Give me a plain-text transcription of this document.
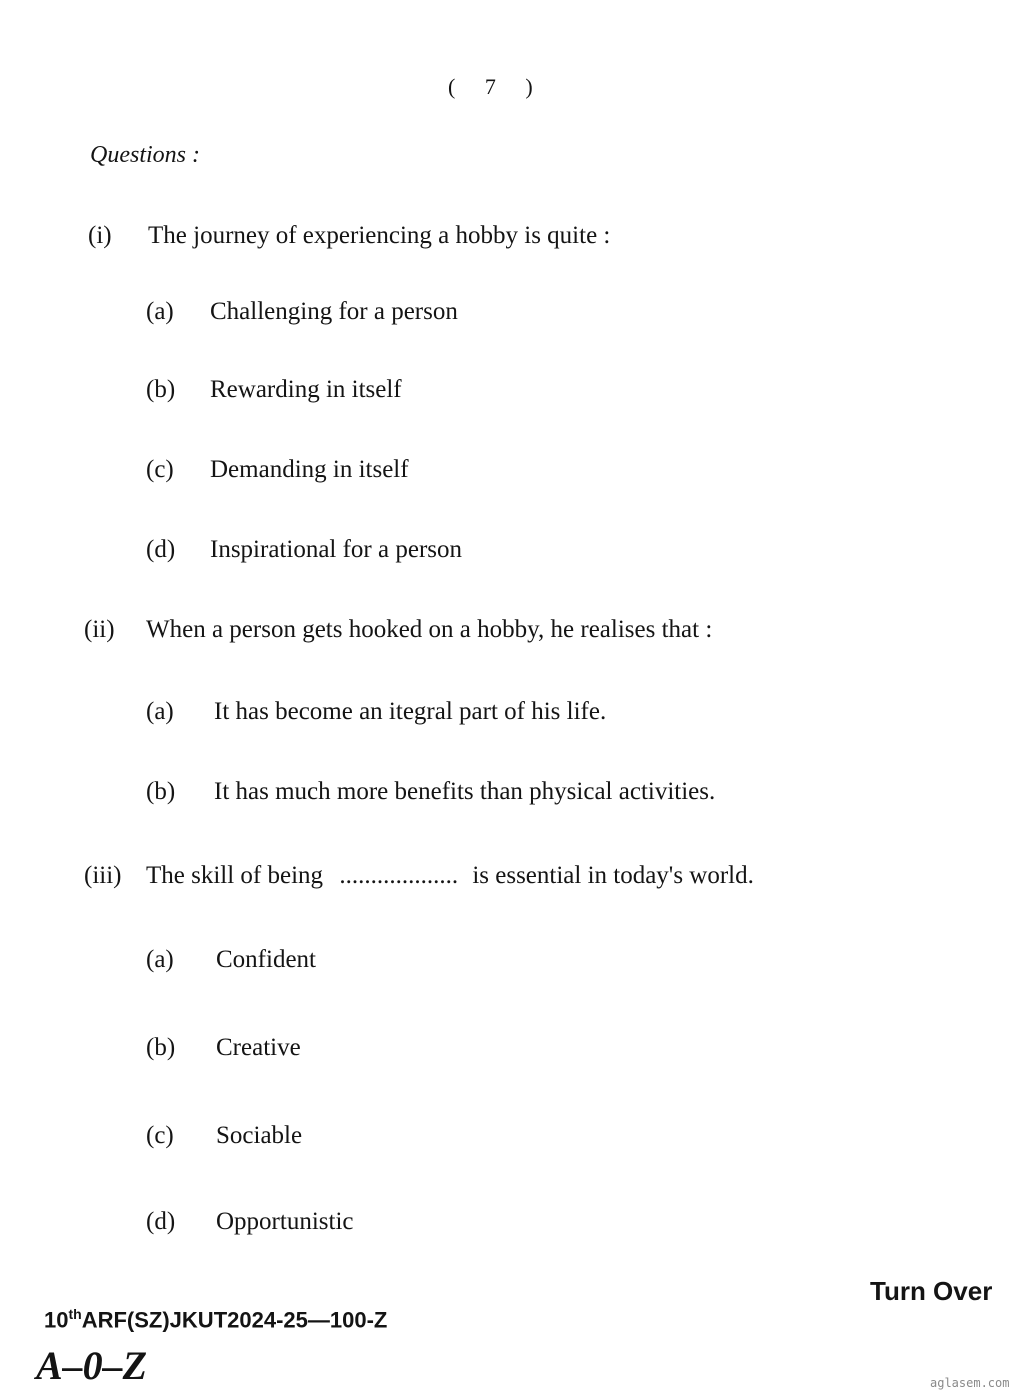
( 7 )
Questions :
(i) The journey of experiencing a hobby is quite :
(a) Challenging for a person
(b) Rewarding in itself
(c) Demanding in itself
(d) Inspirational for a person
(ii) When a person gets hooked on a hobby, he realises that :
(a) It has become an itegral part of his life.
(b) It has much more benefits than physical activities.
(iii) The skill of being ................... is essential in today's world.
(a) Confident
(b) Creative
(c) Sociable
(d) Opportunistic
Turn Over
10thARF(SZ)JKUT2024-25—100-Z
A–0–Z	aglasem.com
